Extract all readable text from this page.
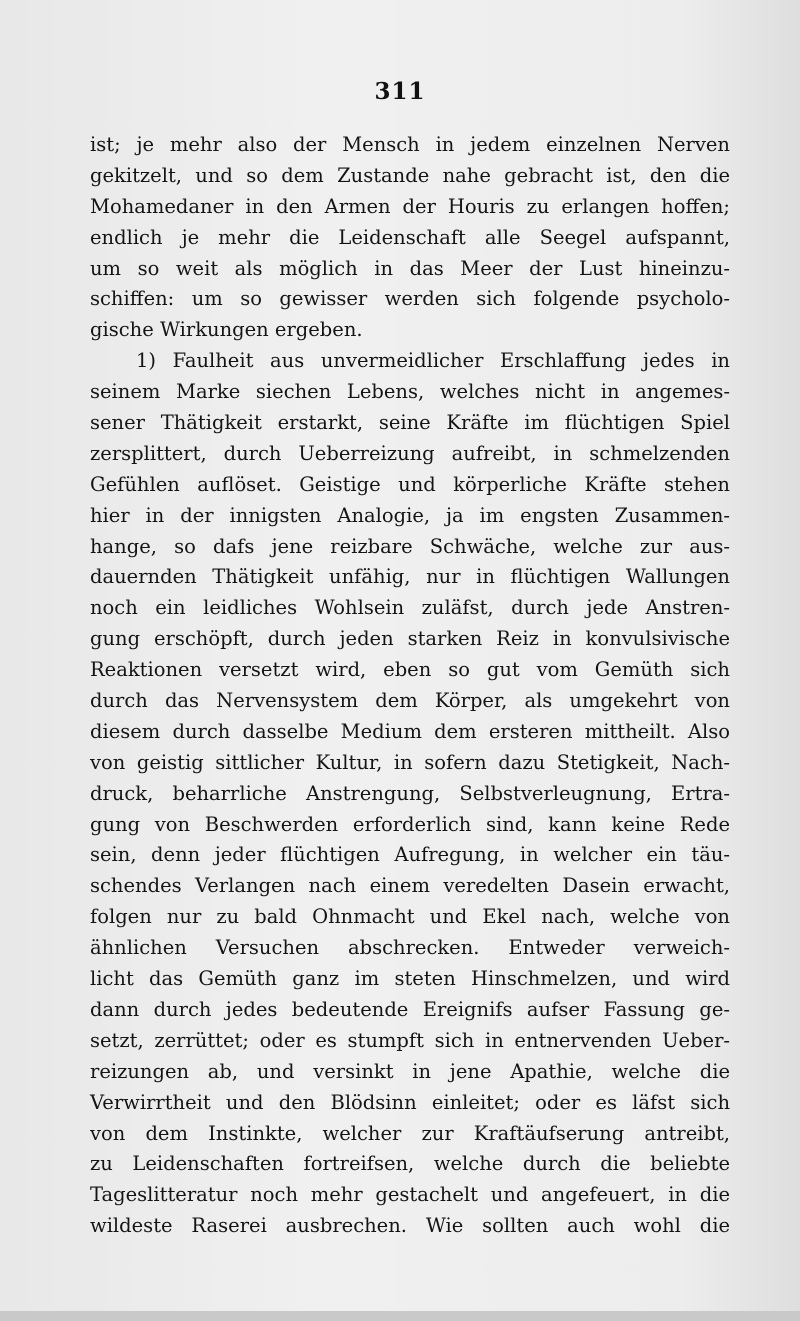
311
ist; je mehr also der Mensch in jedem einzelnen Nerven
gekitzelt, und so dem Zustande nahe gebracht ist, den die
Mohamedaner in den Armen der Houris zu erlangen hoffen;
endlich je mehr die Leidenschaft alle Seegel aufspannt,
um so weit als möglich in das Meer der Lust hineinzu-
schiffen: um so gewisser werden sich folgende psycholo-
gische Wirkungen ergeben.
1) Faulheit aus unvermeidlicher Erschlaffung jedes in
seinem Marke siechen Lebens, welches nicht in angemes-
sener Thätigkeit erstarkt, seine Kräfte im flüchtigen Spiel
zersplittert, durch Ueberreizung aufreibt, in schmelzenden
Gefühlen auflöset. Geistige und körperliche Kräfte stehen
hier in der innigsten Analogie, ja im engsten Zusammen-
hange, so dafs jene reizbare Schwäche, welche zur aus-
dauernden Thätigkeit unfähig, nur in flüchtigen Wallungen
noch ein leidliches Wohlsein zuläfst, durch jede Anstren-
gung erschöpft, durch jeden starken Reiz in konvulsivische
Reaktionen versetzt wird, eben so gut vom Gemüth sich
durch das Nervensystem dem Körper, als umgekehrt von
diesem durch dasselbe Medium dem ersteren mittheilt. Also
von geistig sittlicher Kultur, in sofern dazu Stetigkeit, Nach-
druck, beharrliche Anstrengung, Selbstverleugnung, Ertra-
gung von Beschwerden erforderlich sind, kann keine Rede
sein, denn jeder flüchtigen Aufregung, in welcher ein täu-
schendes Verlangen nach einem veredelten Dasein erwacht,
folgen nur zu bald Ohnmacht und Ekel nach, welche von
ähnlichen Versuchen abschrecken. Entweder verweich-
licht das Gemüth ganz im steten Hinschmelzen, und wird
dann durch jedes bedeutende Ereignifs aufser Fassung ge-
setzt, zerrüttet; oder es stumpft sich in entnervenden Ueber-
reizungen ab, und versinkt in jene Apathie, welche die
Verwirrtheit und den Blödsinn einleitet; oder es läfst sich
von dem Instinkte, welcher zur Kraftäufserung antreibt,
zu Leidenschaften fortreifsen, welche durch die beliebte
Tageslitteratur noch mehr gestachelt und angefeuert, in die
wildeste Raserei ausbrechen. Wie sollten auch wohl die
